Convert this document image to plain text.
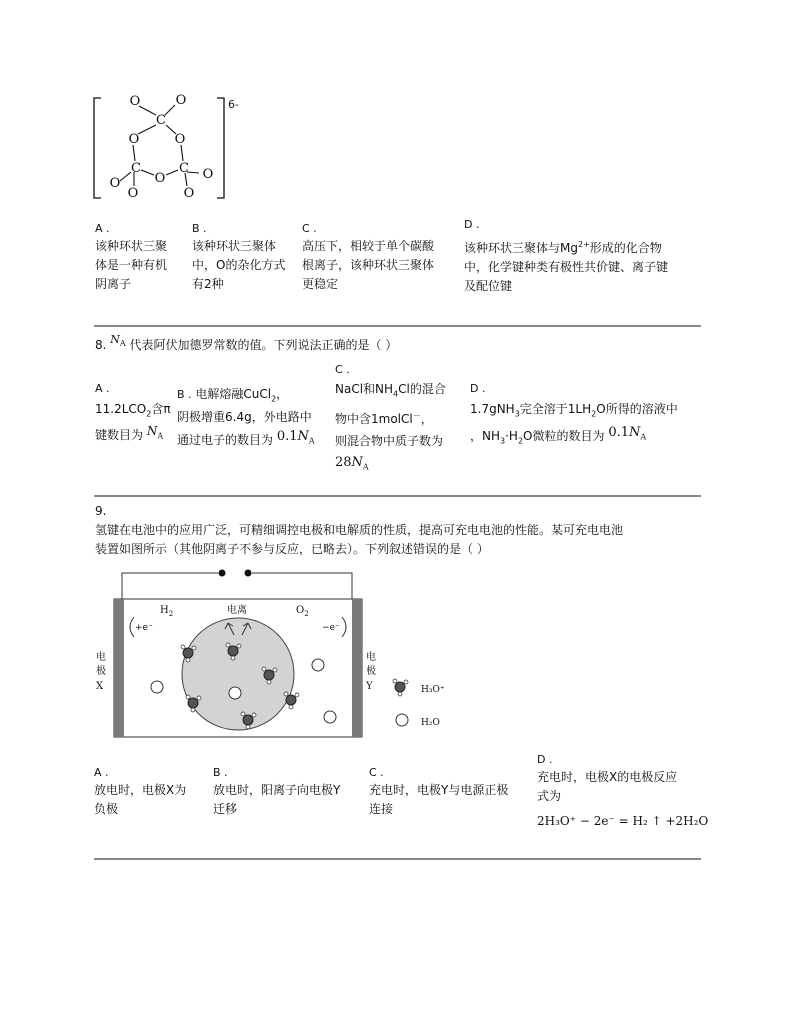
O	O
C
O	O
C
O
C
O
O
O
O
6-
A .
该种环状三聚
体是一种有机
阴离子
B .
该种环状三聚体
中，O的杂化方式
有2种
C .
高压下，相较于单个碳酸
根离子，该种环状三聚体
更稳定
D .
该种环状三聚体与$Mg^{2+}$形成的化合物
中，化学键种类有极性共价键、离子键
及配位键
8. $N_A$ 代表阿伏加德罗常数的值。下列说法正确的是（ ）
A .
$11.2LCO_2$含π
键数目为 $N_A$
B . 电解熔融CuCl$_2$，
阴极增重6.4g，外电路中
通过电子的数目为 $0.1N_A$
C .
NaCl和$NH_4Cl$的混合
物中含1molCl－，
则混合物中质子数为
$28N_A$
D .
1.7gNH$_3$完全溶于$1LH_2O$所得的溶液中
，$NH_3\cdot H_2O$微粒的数目为 $0.1N_A$
9.
氢键在电池中的应用广泛，可精细调控电极和电解质的性质，提高可充电电池的性能。某可充电电池
装置如图所示（其他阴离子不参与反应，已略去）。下列叙述错误的是（ ）
$H_2$	电离	$O_2$
+e⁻	−e⁻
电
极
X
电
极
Y	H₃O⁺
H₂O
A .
放电时，电极X为
负极
B .
放电时，阳离子向电极Y
迁移
C .
充电时，电极Y与电源正极
连接
D .
充电时，电极X的电极反应
式为
2H₃O⁺ − 2e⁻ = H₂ ↑ +2H₂O
